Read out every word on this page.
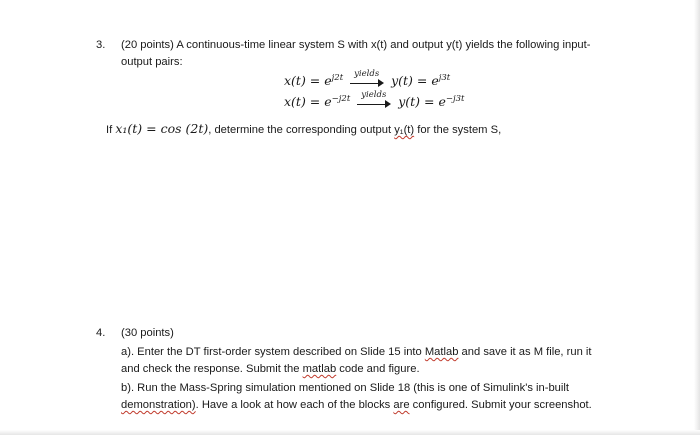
3. (20 points) A continuous-time linear system S with x(t) and output y(t) yields the following input-
output pairs:
$x(t) = e^{j2t}$ yields $y(t) = e^{j3t}$
$x(t) = e^{-j2t}$ yields $y(t) = e^{-j3t}$
If x₁(t) = cos (2t), determine the corresponding output y₁(t) for the system S,
4. (30 points)
a). Enter the DT first-order system described on Slide 15 into Matlab and save it as M file, run it
and check the response. Submit the matlab code and figure.
b). Run the Mass-Spring simulation mentioned on Slide 18 (this is one of Simulink's in-built
demonstration). Have a look at how each of the blocks are configured. Submit your screenshot.
